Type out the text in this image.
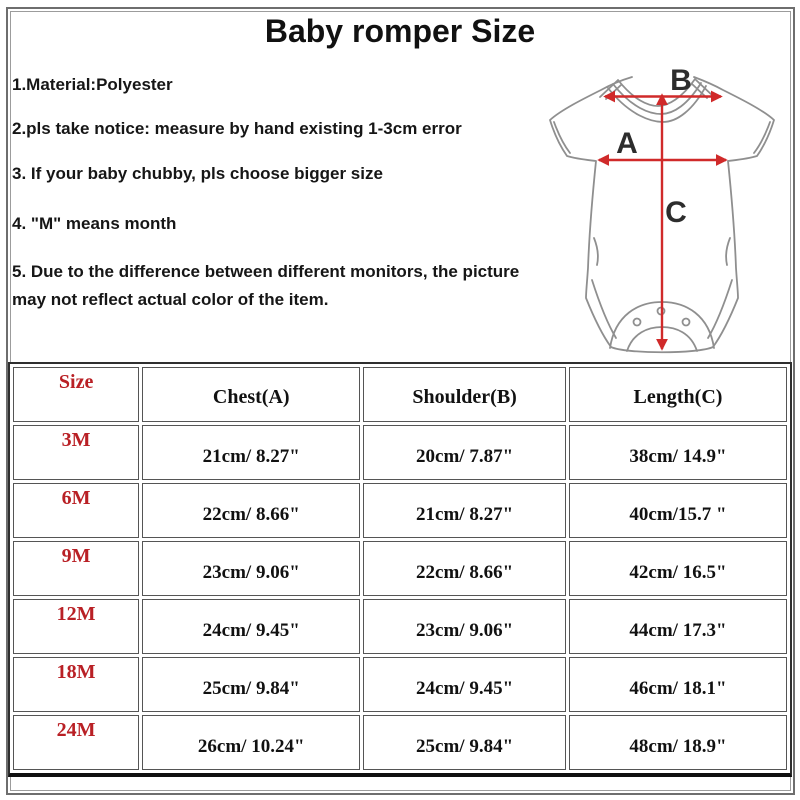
Baby romper Size

1.Material:Polyester

2.pls take notice: measure by hand existing 1-3cm error

3. If your baby chubby, pls choose bigger size

4. "M" means month

5. Due to the difference between different monitors, the picture may not reflect actual color of the item.

B
A
C
Size	Chest(A)	Shoulder(B)	Length(C)
3M	21cm/ 8.27"	20cm/ 7.87"	38cm/ 14.9"
6M	22cm/ 8.66"	21cm/ 8.27"	40cm/15.7 "
9M	23cm/ 9.06"	22cm/ 8.66"	42cm/ 16.5"
12M	24cm/ 9.45"	23cm/ 9.06"	44cm/ 17.3"
18M	25cm/ 9.84"	24cm/ 9.45"	46cm/ 18.1"
24M	26cm/ 10.24"	25cm/ 9.84"	48cm/ 18.9"
